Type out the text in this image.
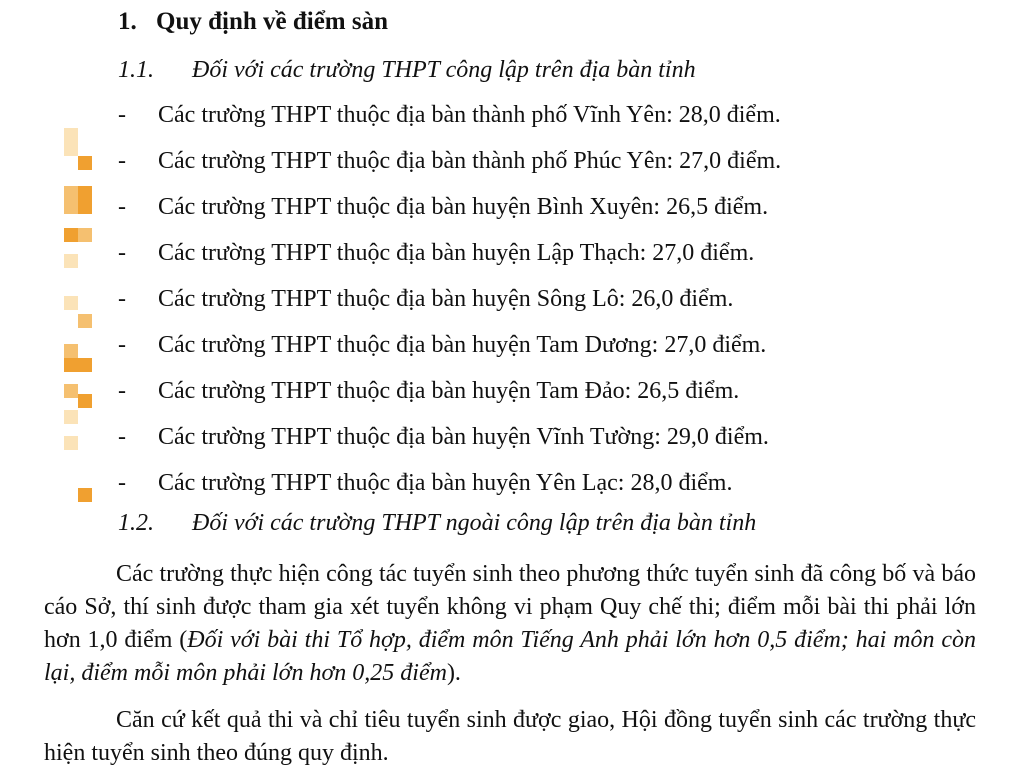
1. Quy định về điểm sàn
1.1. Đối với các trường THPT công lập trên địa bàn tỉnh
- Các trường THPT thuộc địa bàn thành phố Vĩnh Yên: 28,0 điểm.
- Các trường THPT thuộc địa bàn thành phố Phúc Yên: 27,0 điểm.
- Các trường THPT thuộc địa bàn huyện Bình Xuyên: 26,5 điểm.
- Các trường THPT thuộc địa bàn huyện Lập Thạch: 27,0 điểm.
- Các trường THPT thuộc địa bàn huyện Sông Lô: 26,0 điểm.
- Các trường THPT thuộc địa bàn huyện Tam Dương: 27,0 điểm.
- Các trường THPT thuộc địa bàn huyện Tam Đảo: 26,5 điểm.
- Các trường THPT thuộc địa bàn huyện Vĩnh Tường: 29,0 điểm.
- Các trường THPT thuộc địa bàn huyện Yên Lạc: 28,0 điểm.
1.2. Đối với các trường THPT ngoài công lập trên địa bàn tỉnh

Các trường thực hiện công tác tuyển sinh theo phương thức tuyển sinh đã công bố và báo cáo Sở, thí sinh được tham gia xét tuyển không vi phạm Quy chế thi; điểm mỗi bài thi phải lớn hơn 1,0 điểm (Đối với bài thi Tổ hợp, điểm môn Tiếng Anh phải lớn hơn 0,5 điểm; hai môn còn lại, điểm mỗi môn phải lớn hơn 0,25 điểm).

Căn cứ kết quả thi và chỉ tiêu tuyển sinh được giao, Hội đồng tuyển sinh các trường thực hiện tuyển sinh theo đúng quy định.
